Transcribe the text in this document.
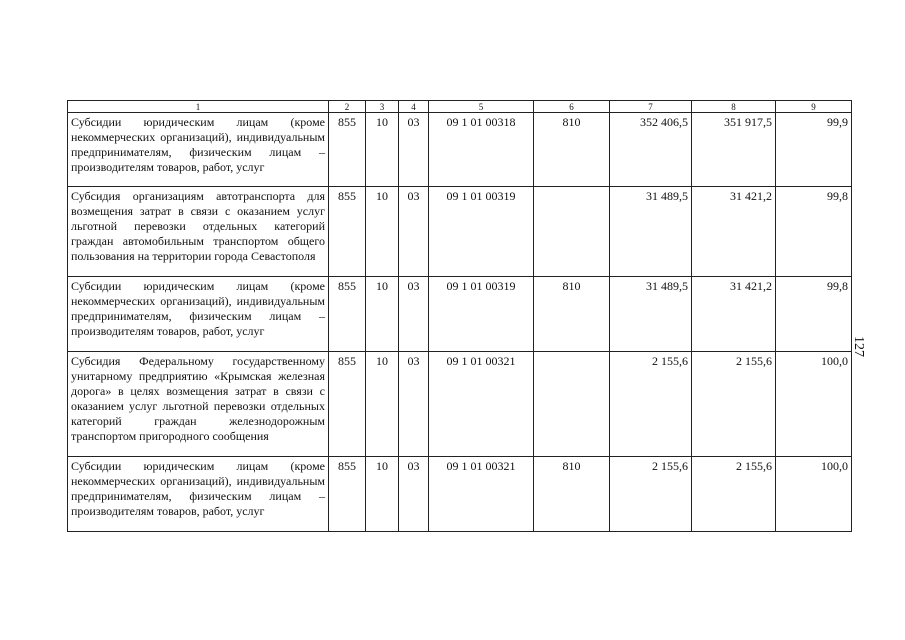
1	2	3	4	5	6	7	8	9
Субсидии юридическим лицам (кроме некоммерческих организаций), индивидуальным предпринимателям, физическим лицам – производителям товаров, работ, услуг	855	10	03	09 1 01 00318	810	352 406,5	351 917,5	99,9
Субсидия организациям автотранспорта для возмещения затрат в связи с оказанием услуг льготной перевозки отдельных категорий граждан автомобильным транспортом общего пользования на территории города Севастополя	855	10	03	09 1 01 00319		31 489,5	31 421,2	99,8
Субсидии юридическим лицам (кроме некоммерческих организаций), индивидуальным предпринимателям, физическим лицам – производителям товаров, работ, услуг	855	10	03	09 1 01 00319	810	31 489,5	31 421,2	99,8
Субсидия Федеральному государственному унитарному предприятию «Крымская железная дорога» в целях возмещения затрат в связи с оказанием услуг льготной перевозки отдельных категорий граждан железнодорожным транспортом пригородного сообщения	855	10	03	09 1 01 00321		2 155,6	2 155,6	100,0
Субсидии юридическим лицам (кроме некоммерческих организаций), индивидуальным предпринимателям, физическим лицам – производителям товаров, работ, услуг	855	10	03	09 1 01 00321	810	2 155,6	2 155,6	100,0
127
